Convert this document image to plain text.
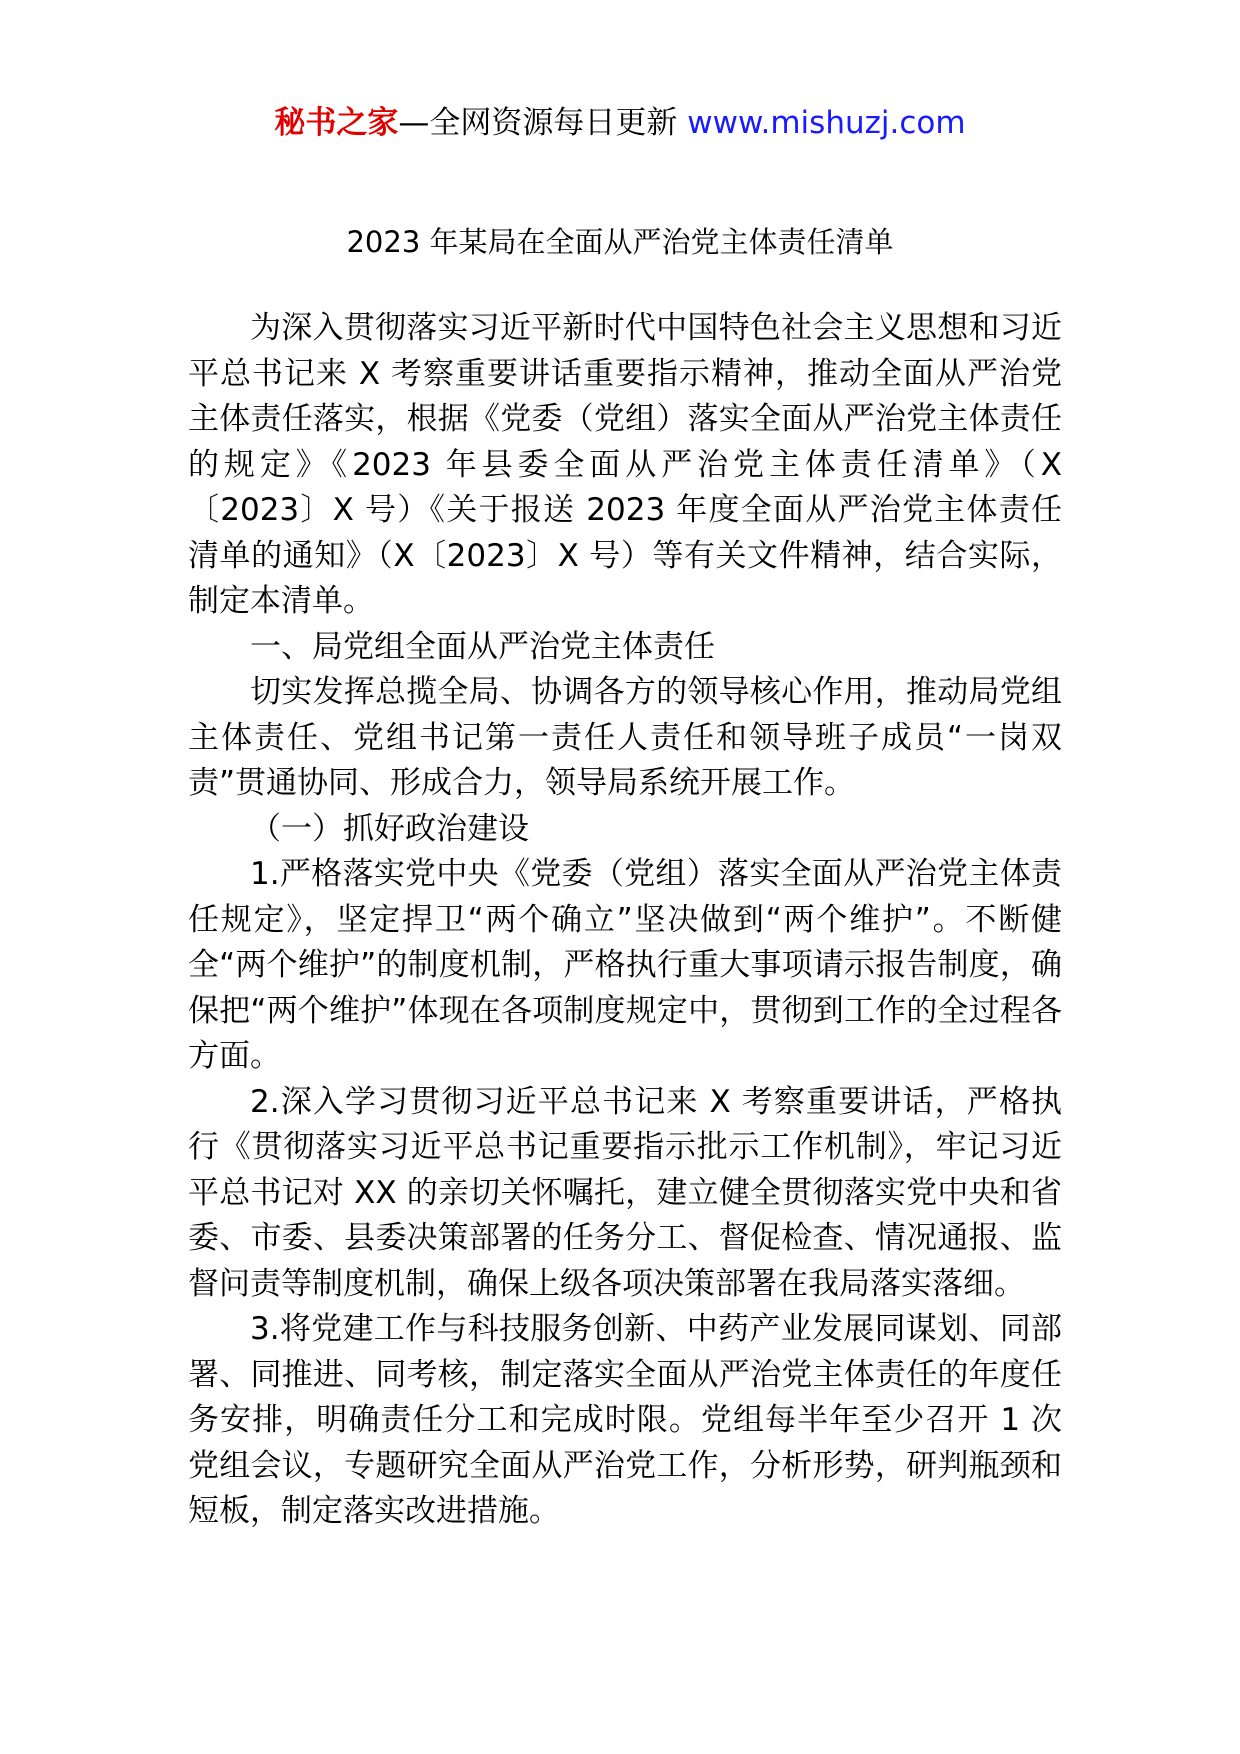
秘书之家—全网资源每日更新 www.mishuzj.com
2023 年某局在全面从严治党主体责任清单

为深入贯彻落实习近平新时代中国特色社会主义思想和习近平总书记来 X 考察重要讲话重要指示精神，推动全面从严治党主体责任落实，根据《党委（党组）落实全面从严治党主体责任的规定》《2023 年县委全面从严治党主体责任清单》（X〔2023〕X 号）《关于报送 2023 年度全面从严治党主体责任清单的通知》（X〔2023〕X 号）等有关文件精神，结合实际，制定本清单。

一、局党组全面从严治党主体责任

切实发挥总揽全局、协调各方的领导核心作用，推动局党组主体责任、党组书记第一责任人责任和领导班子成员“一岗双责”贯通协同、形成合力，领导局系统开展工作。

（一）抓好政治建设

1.严格落实党中央《党委（党组）落实全面从严治党主体责任规定》，坚定捍卫“两个确立”坚决做到“两个维护”。不断健全“两个维护”的制度机制，严格执行重大事项请示报告制度，确保把“两个维护”体现在各项制度规定中，贯彻到工作的全过程各方面。

2.深入学习贯彻习近平总书记来 X 考察重要讲话，严格执行《贯彻落实习近平总书记重要指示批示工作机制》，牢记习近平总书记对 XX 的亲切关怀嘱托，建立健全贯彻落实党中央和省委、市委、县委决策部署的任务分工、督促检查、情况通报、监督问责等制度机制，确保上级各项决策部署在我局落实落细。

3.将党建工作与科技服务创新、中药产业发展同谋划、同部署、同推进、同考核，制定落实全面从严治党主体责任的年度任务安排，明确责任分工和完成时限。党组每半年至少召开 1 次党组会议，专题研究全面从严治党工作，分析形势，研判瓶颈和短板，制定落实改进措施。
